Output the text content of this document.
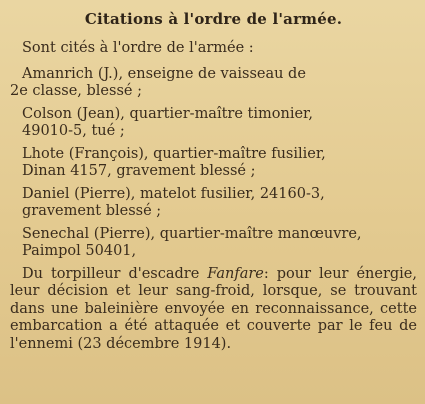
Citations à l'ordre de l'armée.
Sont cités à l'ordre de l'armée :
Amanrich (J.), enseigne de vaisseau de
2e classe, blessé ;
Colson (Jean), quartier-maître timonier,
49010-5, tué ;
Lhote (François), quartier-maître fusilier,
Dinan 4157, gravement blessé ;
Daniel (Pierre), matelot fusilier, 24160-3,
gravement blessé ;
Senechal (Pierre), quartier-maître manœuvre,
Paimpol 50401,
Du torpilleur d'escadre Fanfare: pour leur énergie, leur décision et leur sang-froid, lorsque, se trouvant dans une baleinière envoyée en reconnaissance, cette embarcation a été attaquée et couverte par le feu de l'ennemi (23 décembre 1914).
